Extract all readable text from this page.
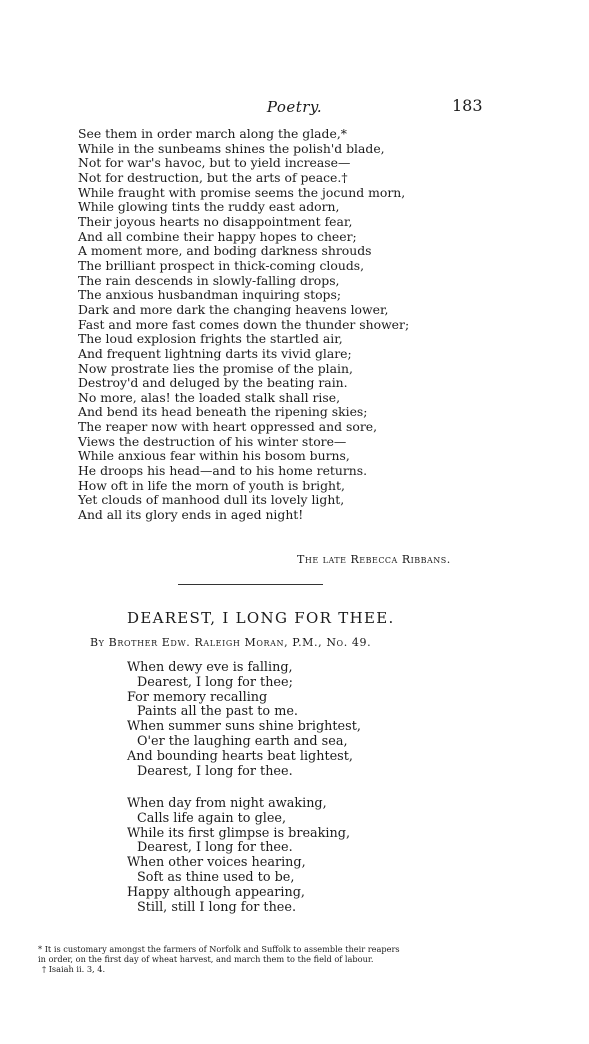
Poetry.	183
See them in order march along the glade,*
While in the sunbeams shines the polish'd blade,
Not for war's havoc, but to yield increase—
Not for destruction, but the arts of peace.†
While fraught with promise seems the jocund morn,
While glowing tints the ruddy east adorn,
Their joyous hearts no disappointment fear,
And all combine their happy hopes to cheer;
A moment more, and boding darkness shrouds
The brilliant prospect in thick-coming clouds,
The rain descends in slowly-falling drops,
The anxious husbandman inquiring stops;
Dark and more dark the changing heavens lower,
Fast and more fast comes down the thunder shower;
The loud explosion frights the startled air,
And frequent lightning darts its vivid glare;
Now prostrate lies the promise of the plain,
Destroy'd and deluged by the beating rain.
No more, alas! the loaded stalk shall rise,
And bend its head beneath the ripening skies;
The reaper now with heart oppressed and sore,
Views the destruction of his winter store—
While anxious fear within his bosom burns,
He droops his head—and to his home returns.
How oft in life the morn of youth is bright,
Yet clouds of manhood dull its lovely light,
And all its glory ends in aged night!
The late Rebecca Ribbans.
DEAREST, I LONG FOR THEE.
By Brother Edw. Raleigh Moran, P.M., No. 49.
When dewy eve is falling,
Dearest, I long for thee;
For memory recalling
Paints all the past to me.
When summer suns shine brightest,
O'er the laughing earth and sea,
And bounding hearts beat lightest,
Dearest, I long for thee.
When day from night awaking,
Calls life again to glee,
While its first glimpse is breaking,
Dearest, I long for thee.
When other voices hearing,
Soft as thine used to be,
Happy although appearing,
Still, still I long for thee.
* It is customary amongst the farmers of Norfolk and Suffolk to assemble their reapers
in order, on the first day of wheat harvest, and march them to the field of labour.
† Isaiah ii. 3, 4.
